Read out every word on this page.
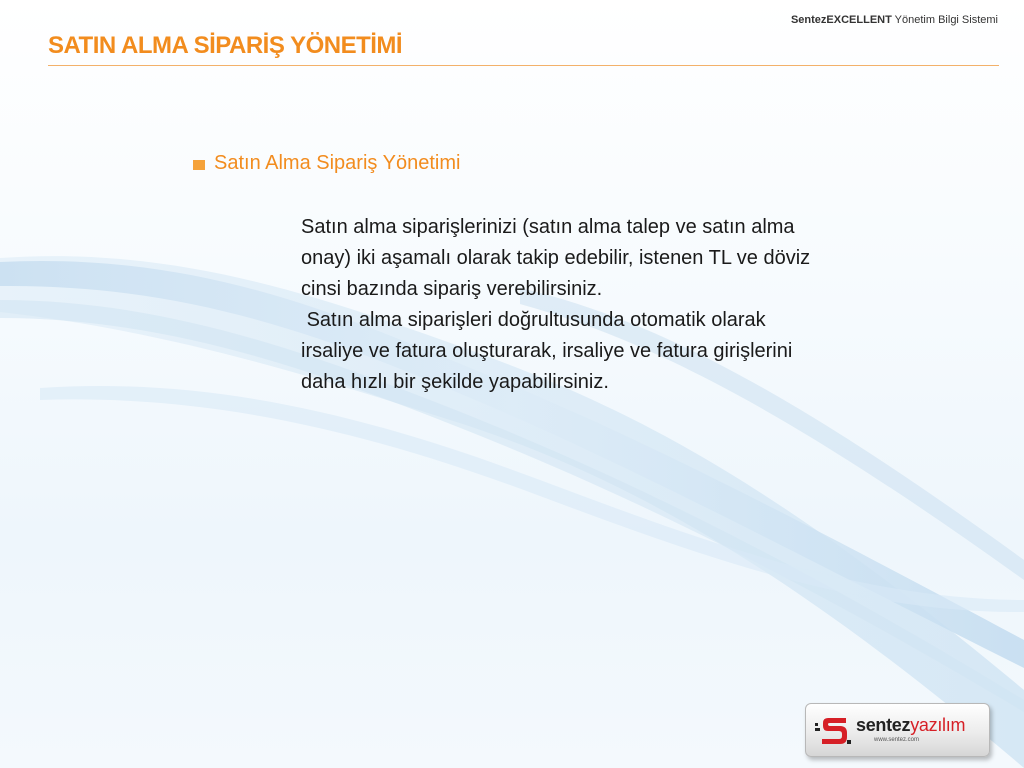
SentezEXCELLENT Yönetim Bilgi Sistemi
SATIN ALMA SİPARİŞ YÖNETİMİ
Satın Alma Sipariş Yönetimi

Satın alma siparişlerinizi (satın alma talep ve satın alma onay) iki aşamalı olarak takip edebilir, istenen TL ve döviz cinsi bazında sipariş verebilirsiniz.

Satın alma siparişleri doğrultusunda otomatik olarak irsaliye ve fatura oluşturarak, irsaliye ve fatura girişlerini daha hızlı bir şekilde yapabilirsiniz.

sentezyazılım
www.sentez.com
